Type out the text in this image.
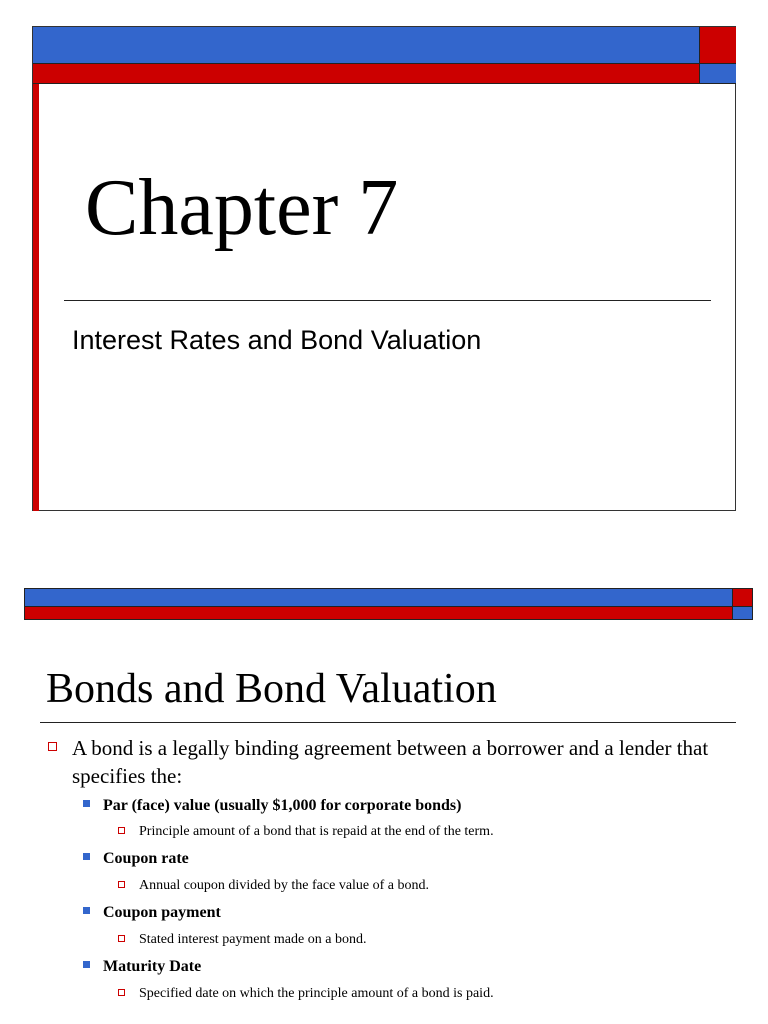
Chapter 7
Interest Rates and Bond Valuation
Bonds and Bond Valuation
A bond is a legally binding agreement between a borrower and a lender that specifies the:
Par (face) value (usually $1,000 for corporate bonds)
Principle amount of a bond that is repaid at the end of the term.
Coupon rate
Annual coupon divided by the face value of a bond.
Coupon payment
Stated interest payment made on a bond.
Maturity Date
Specified date on which the principle amount of a bond is paid.
